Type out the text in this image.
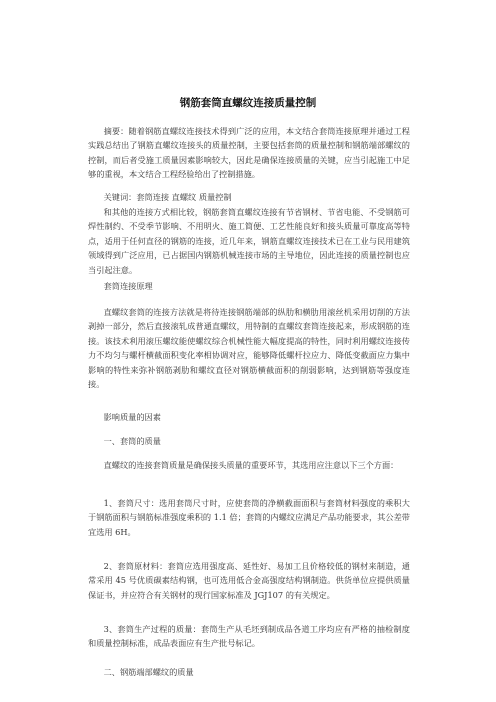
钢筋套筒直螺纹连接质量控制
摘要：随着钢筋直螺纹连接技术得到广泛的应用，本文结合套筒连接原理并通过工程实践总结出了钢筋直螺纹连接头的质量控制，主要包括套筒的质量控制和钢筋端部螺纹的控制，而后者受施工质量因素影响较大，因此是确保连接质量的关键，应当引起施工中足够的重视，本文结合工程经验给出了控制措施。
关键词：套筒连接 直螺纹 质量控制
和其他的连接方式相比较，钢筋套筒直螺纹连接有节省钢材、节省电能、不受钢筋可焊性制约、不受季节影响、不用明火、施工简便、工艺性能良好和接头质量可靠度高等特点，适用于任何直径的钢筋的连接，近几年来，钢筋直螺纹连接技术已在工业与民用建筑领域得到广泛应用，已占据国内钢筋机械连接市场的主导地位，因此连接的质量控制也应当引起注意。
套筒连接原理
直螺纹套筒的连接方法就是将待连接钢筋端部的纵肋和横肋用滚丝机采用切削的方法剥掉一部分，然后直接滚轧成普通直螺纹，用特制的直螺纹套筒连接起来，形成钢筋的连接。该技术利用滚压螺纹能使螺纹综合机械性能大幅度提高的特性，同时利用螺纹连接传力不均匀与螺杆横截面积变化率相协调对应，能够降低螺杆拉应力、降低变截面应力集中影响的特性来弥补钢筋剥肋和螺纹直径对钢筋横截面积的削弱影响，达到钢筋等强度连接。
影响质量的因素
一、套筒的质量
直螺纹的连接套筒质量是确保接头质量的重要环节，其选用应注意以下三个方面：
1、套筒尺寸：选用套筒尺寸时，应使套筒的净横截面面积与套筒材料强度的乘积大于钢筋面积与钢筋标准强度乘积的 1.1 倍；套筒的内螺纹应满足产品功能要求，其公差带宜选用 6H。
2、套筒原材料：套筒应选用强度高、延性好、易加工且价格较低的钢材来制造，通常采用 45 号优质碳素结构钢，也可选用低合金高强度结构钢制造。供货单位应提供质量保证书，并应符合有关钢材的现行国家标准及 JGJ107 的有关规定。
3、套筒生产过程的质量：套筒生产从毛坯到制成品各道工序均应有严格的抽检制度和质量控制标准，成品表面应有生产批号标记。
二、钢筋端部螺纹的质量
